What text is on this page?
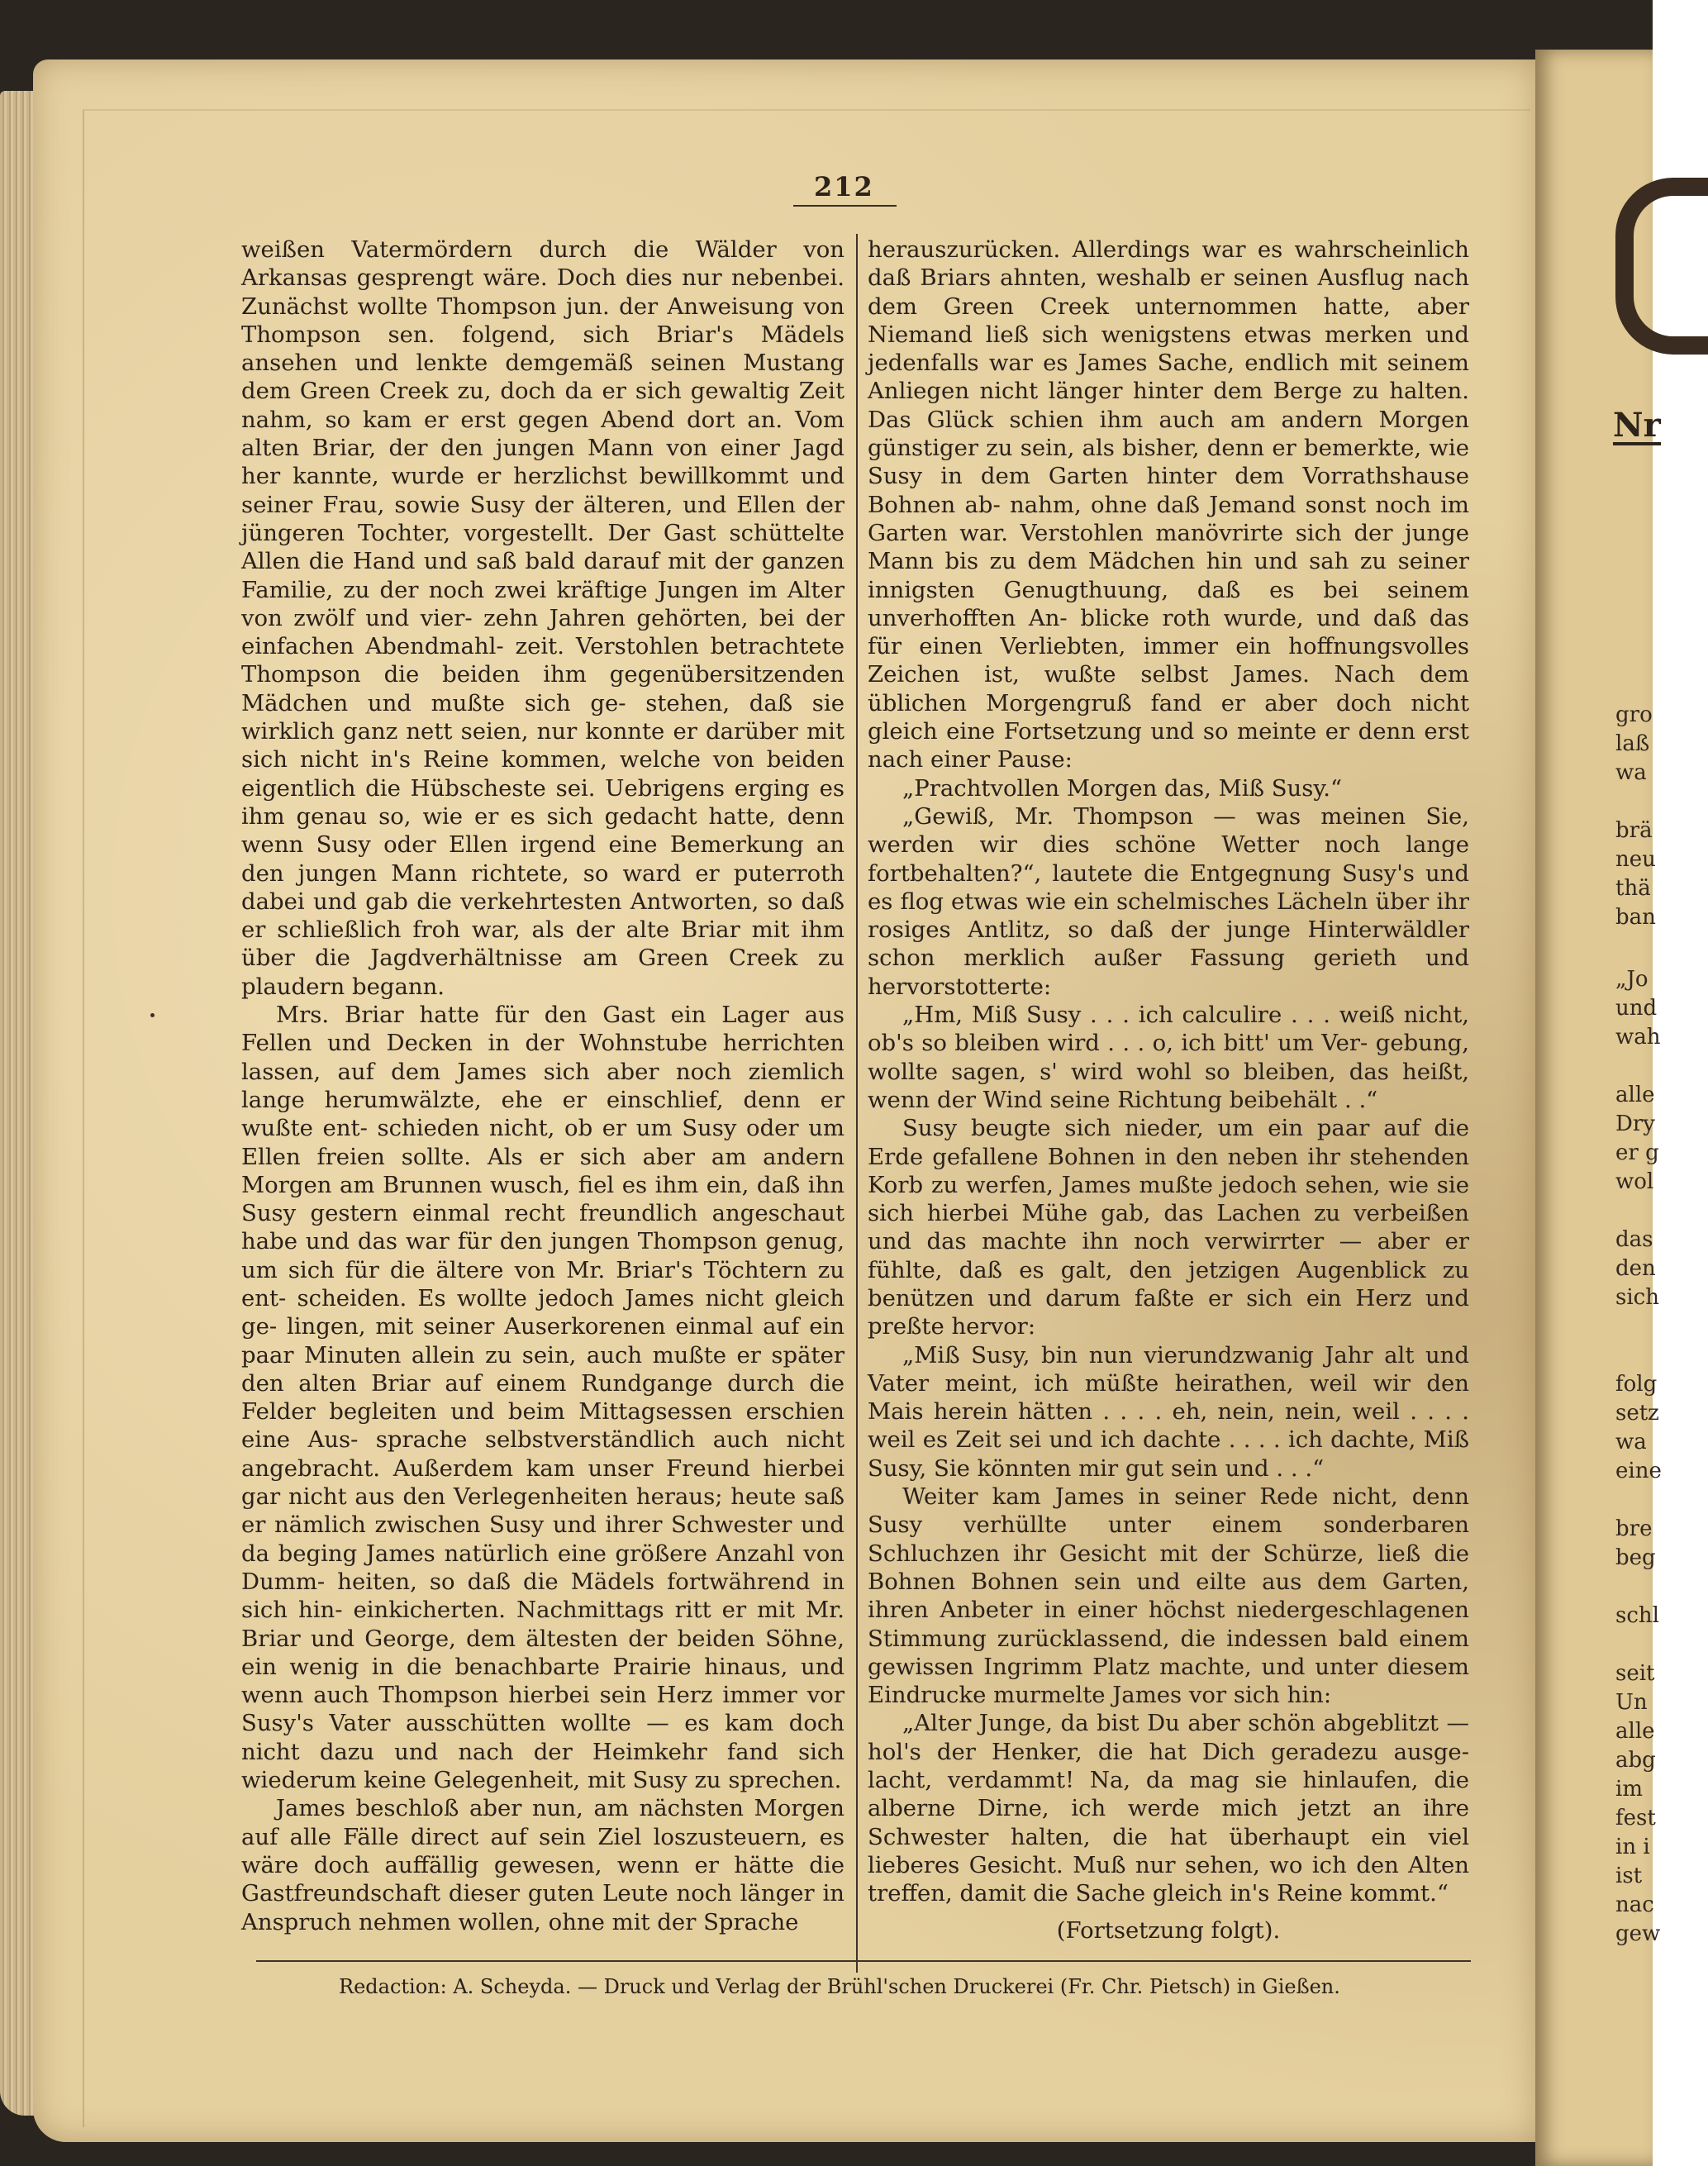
Nr
gro
laß
wa
brä
neu
thä
ban
„Jo
und
wah
alle
Dry
er g
wol
das
den
sich
folg
setz
wa
eine
bre
beg
schl
seit
Un
alle
abg
im
fest
in i
ist
nac
gew
212

weißen Vatermördern durch die Wälder von Arkansas gesprengt wäre. Doch dies nur nebenbei. Zunächst wollte Thompson jun. der Anweisung von Thompson sen. folgend, sich Briar's Mädels ansehen und lenkte demgemäß seinen Mustang dem Green Creek zu, doch da er sich gewaltig Zeit nahm, so kam er erst gegen Abend dort an. Vom alten Briar, der den jungen Mann von einer Jagd her kannte, wurde er herzlichst bewillkommt und seiner Frau, sowie Susy der älteren, und Ellen der jüngeren Tochter, vorgestellt. Der Gast schüttelte Allen die Hand und saß bald darauf mit der ganzen Familie, zu der noch zwei kräftige Jungen im Alter von zwölf und vier- zehn Jahren gehörten, bei der einfachen Abendmahl- zeit. Verstohlen betrachtete Thompson die beiden ihm gegenübersitzenden Mädchen und mußte sich ge- stehen, daß sie wirklich ganz nett seien, nur konnte er darüber mit sich nicht in's Reine kommen, welche von beiden eigentlich die Hübscheste sei. Uebrigens erging es ihm genau so, wie er es sich gedacht hatte, denn wenn Susy oder Ellen irgend eine Bemerkung an den jungen Mann richtete, so ward er puterroth dabei und gab die verkehrtesten Antworten, so daß er schließlich froh war, als der alte Briar mit ihm über die Jagdverhältnisse am Green Creek zu plaudern begann.

Mrs. Briar hatte für den Gast ein Lager aus Fellen und Decken in der Wohnstube herrichten lassen, auf dem James sich aber noch ziemlich lange herumwälzte, ehe er einschlief, denn er wußte ent- schieden nicht, ob er um Susy oder um Ellen freien sollte. Als er sich aber am andern Morgen am Brunnen wusch, fiel es ihm ein, daß ihn Susy gestern einmal recht freundlich angeschaut habe und das war für den jungen Thompson genug, um sich für die ältere von Mr. Briar's Töchtern zu ent- scheiden. Es wollte jedoch James nicht gleich ge- lingen, mit seiner Auserkorenen einmal auf ein paar Minuten allein zu sein, auch mußte er später den alten Briar auf einem Rundgange durch die Felder begleiten und beim Mittagsessen erschien eine Aus- sprache selbstverständlich auch nicht angebracht. Außerdem kam unser Freund hierbei gar nicht aus den Verlegenheiten heraus; heute saß er nämlich zwischen Susy und ihrer Schwester und da beging James natürlich eine größere Anzahl von Dumm- heiten, so daß die Mädels fortwährend in sich hin- einkicherten. Nachmittags ritt er mit Mr. Briar und George, dem ältesten der beiden Söhne, ein wenig in die benachbarte Prairie hinaus, und wenn auch Thompson hierbei sein Herz immer vor Susy's Vater ausschütten wollte — es kam doch nicht dazu und nach der Heimkehr fand sich wiederum keine Gelegenheit, mit Susy zu sprechen.

James beschloß aber nun, am nächsten Morgen auf alle Fälle direct auf sein Ziel loszusteuern, es wäre doch auffällig gewesen, wenn er hätte die Gastfreundschaft dieser guten Leute noch länger in Anspruch nehmen wollen, ohne mit der Sprache

herauszurücken. Allerdings war es wahrscheinlich daß Briars ahnten, weshalb er seinen Ausflug nach dem Green Creek unternommen hatte, aber Niemand ließ sich wenigstens etwas merken und jedenfalls war es James Sache, endlich mit seinem Anliegen nicht länger hinter dem Berge zu halten. Das Glück schien ihm auch am andern Morgen günstiger zu sein, als bisher, denn er bemerkte, wie Susy in dem Garten hinter dem Vorrathshause Bohnen ab- nahm, ohne daß Jemand sonst noch im Garten war. Verstohlen manövrirte sich der junge Mann bis zu dem Mädchen hin und sah zu seiner innigsten Genugthuung, daß es bei seinem unverhofften An- blicke roth wurde, und daß das für einen Verliebten, immer ein hoffnungsvolles Zeichen ist, wußte selbst James. Nach dem üblichen Morgengruß fand er aber doch nicht gleich eine Fortsetzung und so meinte er denn erst nach einer Pause:

„Prachtvollen Morgen das, Miß Susy.“

„Gewiß, Mr. Thompson — was meinen Sie, werden wir dies schöne Wetter noch lange fortbehalten?“, lautete die Entgegnung Susy's und es flog etwas wie ein schelmisches Lächeln über ihr rosiges Antlitz, so daß der junge Hinterwäldler schon merklich außer Fassung gerieth und hervorstotterte:

„Hm, Miß Susy . . . ich calculire . . . weiß nicht, ob's so bleiben wird . . . o, ich bitt' um Ver- gebung, wollte sagen, s' wird wohl so bleiben, das heißt, wenn der Wind seine Richtung beibehält . .“

Susy beugte sich nieder, um ein paar auf die Erde gefallene Bohnen in den neben ihr stehenden Korb zu werfen, James mußte jedoch sehen, wie sie sich hierbei Mühe gab, das Lachen zu verbeißen und das machte ihn noch verwirrter — aber er fühlte, daß es galt, den jetzigen Augenblick zu benützen und darum faßte er sich ein Herz und preßte hervor:

„Miß Susy, bin nun vierundzwanig Jahr alt und Vater meint, ich müßte heirathen, weil wir den Mais herein hätten . . . . eh, nein, nein, weil . . . . weil es Zeit sei und ich dachte . . . . ich dachte, Miß Susy, Sie könnten mir gut sein und . . .“

Weiter kam James in seiner Rede nicht, denn Susy verhüllte unter einem sonderbaren Schluchzen ihr Gesicht mit der Schürze, ließ die Bohnen Bohnen sein und eilte aus dem Garten, ihren Anbeter in einer höchst niedergeschlagenen Stimmung zurücklassend, die indessen bald einem gewissen Ingrimm Platz machte, und unter diesem Eindrucke murmelte James vor sich hin:

„Alter Junge, da bist Du aber schön abgeblitzt — hol's der Henker, die hat Dich geradezu ausge- lacht, verdammt! Na, da mag sie hinlaufen, die alberne Dirne, ich werde mich jetzt an ihre Schwester halten, die hat überhaupt ein viel lieberes Gesicht. Muß nur sehen, wo ich den Alten treffen, damit die Sache gleich in's Reine kommt.“

(Fortsetzung folgt).

Redaction: A. Scheyda. — Druck und Verlag der Brühl'schen Druckerei (Fr. Chr. Pietsch) in Gießen.
